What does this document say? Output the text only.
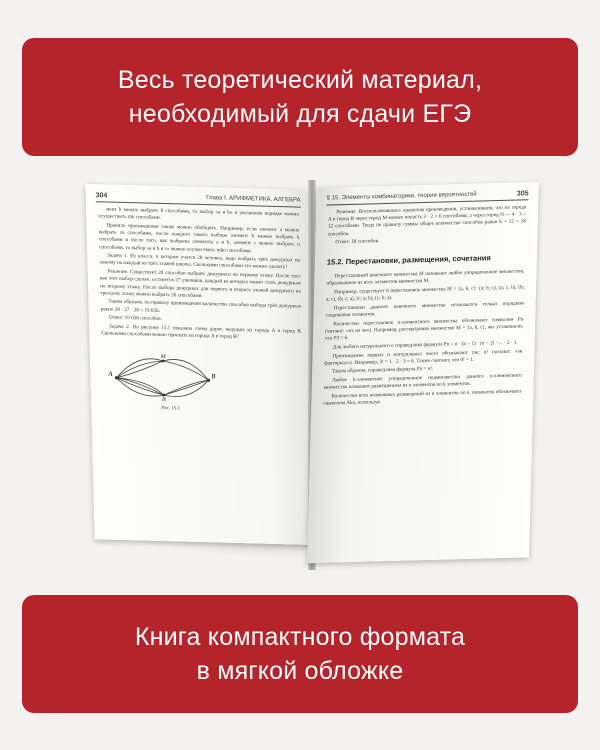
Весь теоретический материал,
необходимый для сдачи ЕГЭ
304	Глава I. АРИФМЕТИКА. АЛГЕБРА

мент b можно выбрать 8 способами, то выбор «а и b» в указанном порядке можно осуществить mk способами.

Правило произведения также можно обобщить. Например, если элемент a можно выбрать m способами, после каждого такого выбора элемент b можно выбрать k способами и после того, как выбраны элементы a и b, элемент c можно выбрать n способами, то выбор «а и b и c» можно осуществить mkn способами.

Задача 1. Из класса, в котором учатся 28 человек, надо выбрать трёх дежурных по одному на каждый из трёх этажей школы. Сколькими способами это можно сделать?

Решение. Существует 28 способов выбрать дежурного по первому этажу. После того как этот выбор сделан, останется 27 учеников, каждый из которых может стать дежурным по второму этажу. После выбора дежурных для первого и второго этажей дежурного по третьему этажу можно выбрать 26 способами.

Таким образом, по правилу произведения количество способов выбора трёх дежурных равно 28 · 27 · 26 = 19 656.

Ответ: 19 656 способов.

Задача 2. На рисунке 15.1 показана схема дорог, ведущих из города A в город B. Сколькими способами можно проехать из города A в город B?

A	B
M
N
Рис. 15.1
§ 15. Элементы комбинаторики, теории вероятностей	305

Решение. Воспользовавшись правилом произведения, устанавливаем, что из города A в город B через город M можно попасть 3 · 2 = 6 способами, а через город N — 4 · 3 = 12 способами. Тогда по правилу суммы общее количество способов равно 6 + 12 = 18 способов.

Ответ: 18 способов.

15.2. Перестановки, размещения, сочетания

Перестановкой конечного множества M называют любое упорядоченное множество, образованное из всех элементов множества M.

Например, существует 6 перестановок множества M = {a, b, c}: (a; b; c), (a; c; b), (b; a; c), (b; c; a), (c; a; b), (c; b; a).

Перестановки данного конечного множества отличаются только порядком следования элементов.

Количество перестановок n-элементного множества обозначают символом Pn (читают: «пэ из эн»). Например, рассматривая множество M = {a, b, c}, мы установили, что P3 = 6.

Для любого натурального n справедлива формула Pn = n · (n − 1) · (n − 2) · ... · 2 · 1.

Произведение первых n натуральных чисел обозначают так: n! (читают: «эн факториал»). Например, 3! = 1 · 2 · 3 = 6. Также считают, что 0! = 1.

Таким образом, справедлива формула Pn = n!.

Любое k-элементное упорядоченное подмножество данного n-элементного множества называют размещением из n элементов по k элементов.

Количество всех возможных размещений из n элементов по k элементов обозначают символом Akn, используя

Книга компактного формата
в мягкой обложке
